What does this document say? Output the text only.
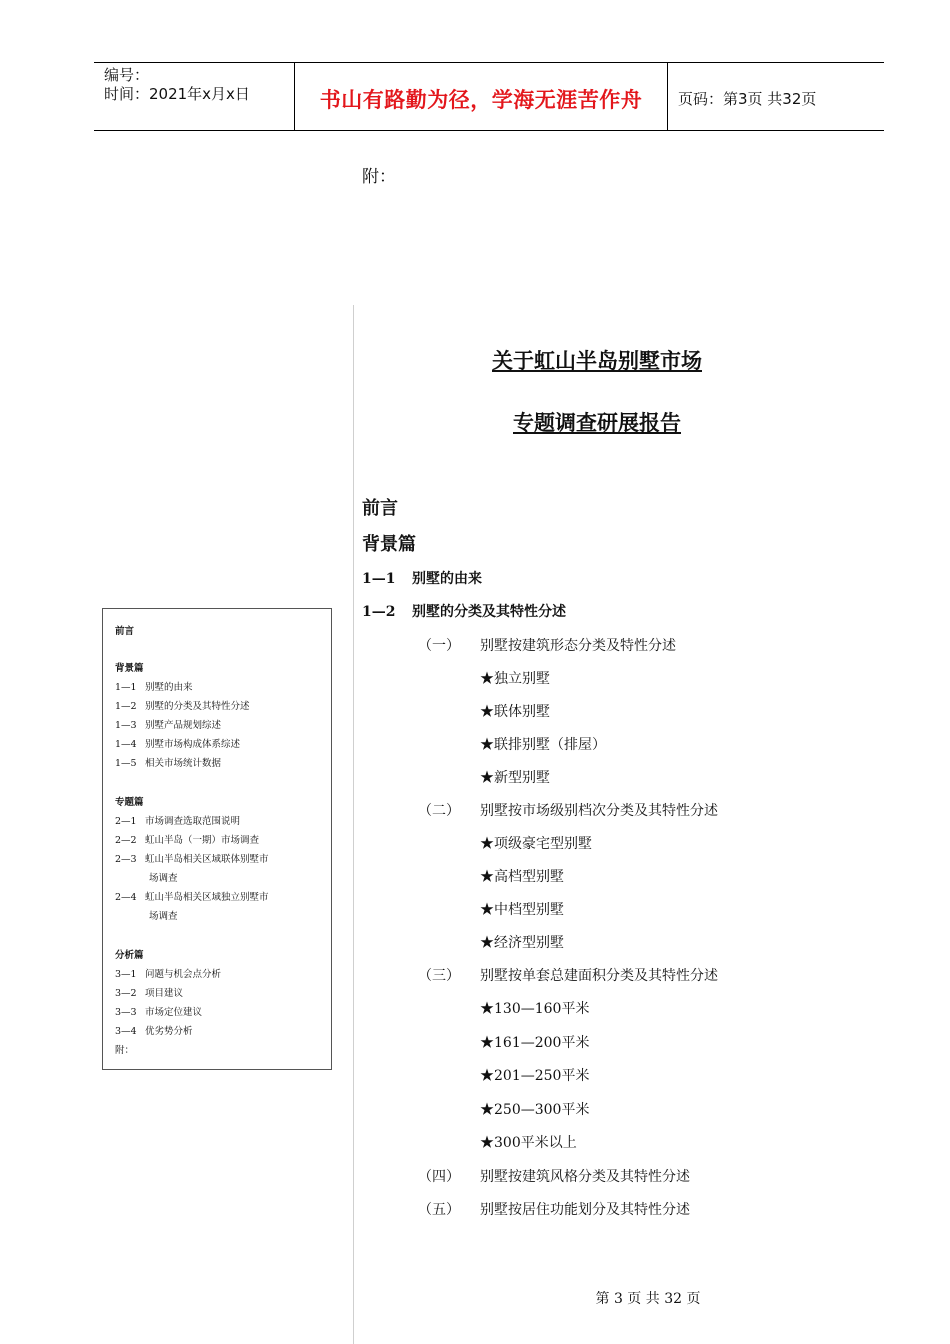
编号：
时间：2021年x月x日	书山有路勤为径，学海无涯苦作舟	页码：第3页 共32页
附：
关于虹山半岛别墅市场
专题调查研展报告
前言
背景篇
1—1 别墅的由来
1—2 别墅的分类及其特性分述
（一） 别墅按建筑形态分类及特性分述
★独立别墅
★联体别墅
★联排别墅（排屋）
★新型别墅
（二） 别墅按市场级别档次分类及其特性分述
★项级豪宅型别墅
★高档型别墅
★中档型别墅
★经济型别墅
（三） 别墅按单套总建面积分类及其特性分述
★130—160平米
★161—200平米
★201—250平米
★250—300平米
★300平米以上
（四） 别墅按建筑风格分类及其特性分述
（五） 别墅按居住功能划分及其特性分述
第 3 页 共 32 页
前言
背景篇
1—1 别墅的由来
1—2 别墅的分类及其特性分述
1—3 别墅产品规划综述
1—4 别墅市场构成体系综述
1—5 相关市场统计数据
专题篇
2—1 市场调查选取范围说明
2—2 虹山半岛（一期）市场调查
2—3 虹山半岛相关区域联体别墅市
场调查
2—4 虹山半岛相关区域独立别墅市
场调查
分析篇
3—1 问题与机会点分析
3—2 项目建议
3—3 市场定位建议
3—4 优劣势分析
附：
